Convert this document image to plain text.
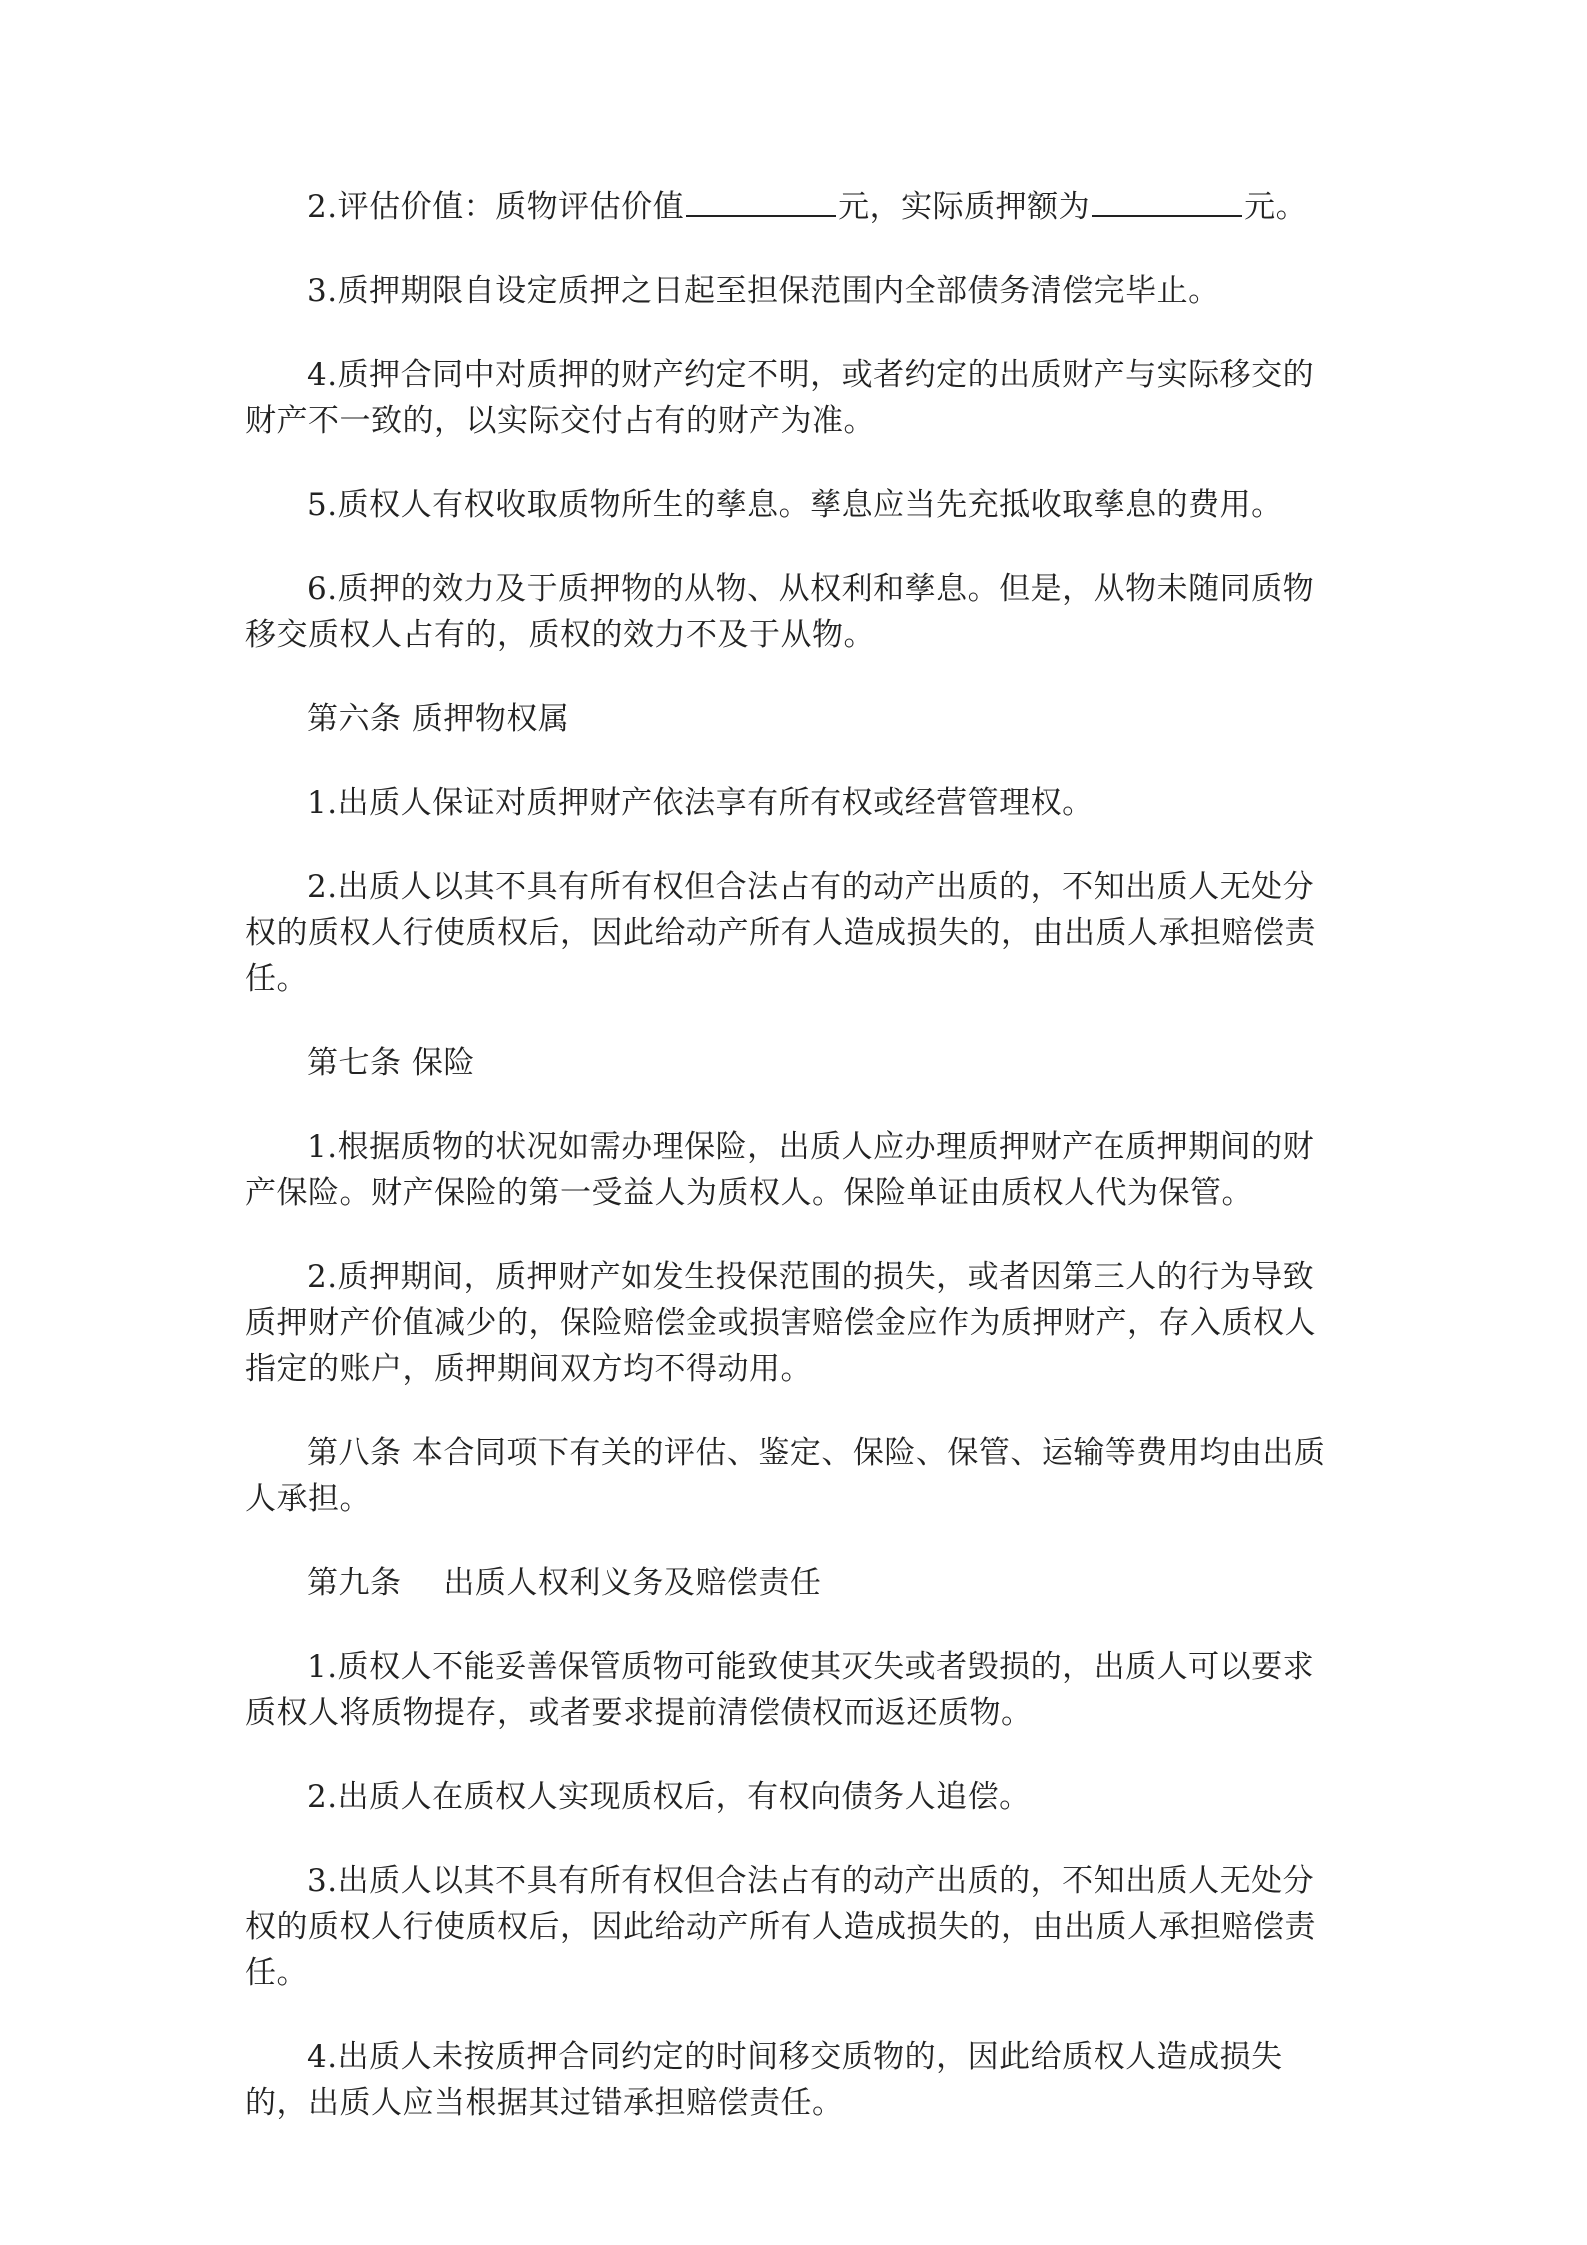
2.评估价值：质物评估价值	元，实际质押额为	元。

3.质押期限自设定质押之日起至担保范围内全部债务清偿完毕止。

4.质押合同中对质押的财产约定不明，或者约定的出质财产与实际移交的财产不一致的，以实际交付占有的财产为准。

5.质权人有权收取质物所生的孳息。孳息应当先充抵收取孳息的费用。

6.质押的效力及于质押物的从物、从权利和孳息。但是，从物未随同质物移交质权人占有的，质权的效力不及于从物。

第六条 质押物权属

1.出质人保证对质押财产依法享有所有权或经营管理权。

2.出质人以其不具有所有权但合法占有的动产出质的，不知出质人无处分权的质权人行使质权后，因此给动产所有人造成损失的，由出质人承担赔偿责任。

第七条 保险

1.根据质物的状况如需办理保险，出质人应办理质押财产在质押期间的财产保险。财产保险的第一受益人为质权人。保险单证由质权人代为保管。

2.质押期间，质押财产如发生投保范围的损失，或者因第三人的行为导致质押财产价值减少的，保险赔偿金或损害赔偿金应作为质押财产，存入质权人指定的账户，质押期间双方均不得动用。

第八条 本合同项下有关的评估、鉴定、保险、保管、运输等费用均由出质人承担。

第九条　 出质人权利义务及赔偿责任

1.质权人不能妥善保管质物可能致使其灭失或者毁损的，出质人可以要求质权人将质物提存，或者要求提前清偿债权而返还质物。

2.出质人在质权人实现质权后，有权向债务人追偿。

3.出质人以其不具有所有权但合法占有的动产出质的，不知出质人无处分权的质权人行使质权后，因此给动产所有人造成损失的，由出质人承担赔偿责任。

4.出质人未按质押合同约定的时间移交质物的，因此给质权人造成损失的，出质人应当根据其过错承担赔偿责任。
